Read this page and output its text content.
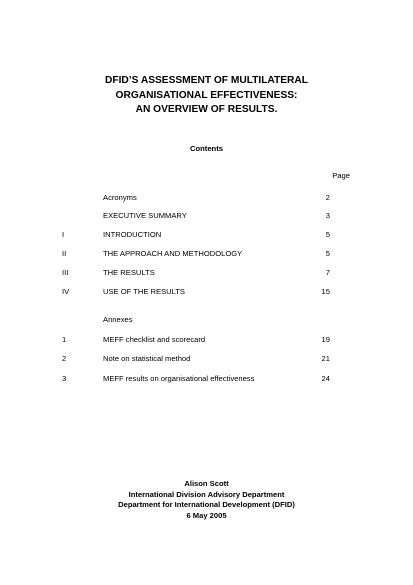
DFID’S ASSESSMENT OF MULTILATERAL
ORGANISATIONAL EFFECTIVENESS:
AN OVERVIEW OF RESULTS.
Contents
Page
Acronyms	2
EXECUTIVE SUMMARY	3
I	INTRODUCTION	5
II	THE APPROACH AND METHODOLOGY	5
III	THE RESULTS	7
IV	USE OF THE RESULTS	15
Annexes
1	MEFF checklist and scorecard	19
2	Note on statistical method	21
3	MEFF results on organisational effectiveness	24
Alison Scott
International Division Advisory Department
Department for International Development (DFID)
6 May 2005
